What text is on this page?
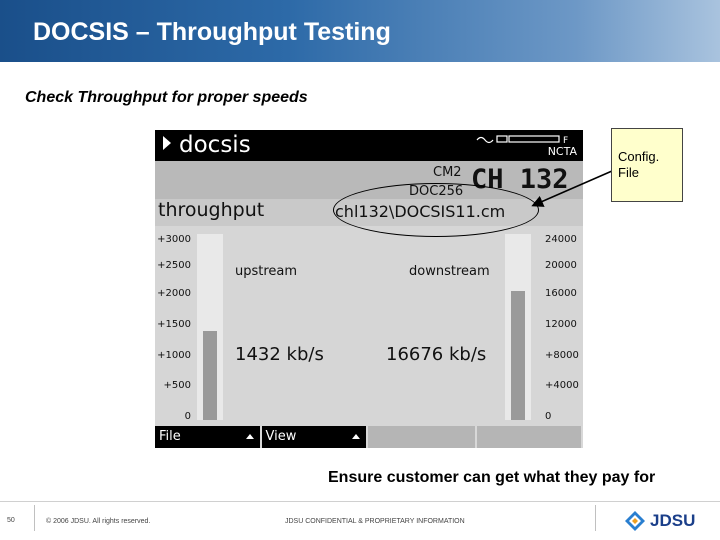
DOCSIS – Throughput Testing
Check Throughput for proper speeds
docsis	F
NCTA
CM2
DOC256 CH 132
throughput	chl132\DOCSIS11.cm
+3000
+2500
+2000
+1500
+1000
+500
0
upstream	downstream
1432 kb/s	16676 kb/s
24000
20000
16000
12000
+8000
+4000
0
File	View
Config.
File
Ensure customer can get what they pay for
50	© 2006 JDSU. All rights reserved.	JDSU CONFIDENTIAL & PROPRIETARY INFORMATION	JDSU
